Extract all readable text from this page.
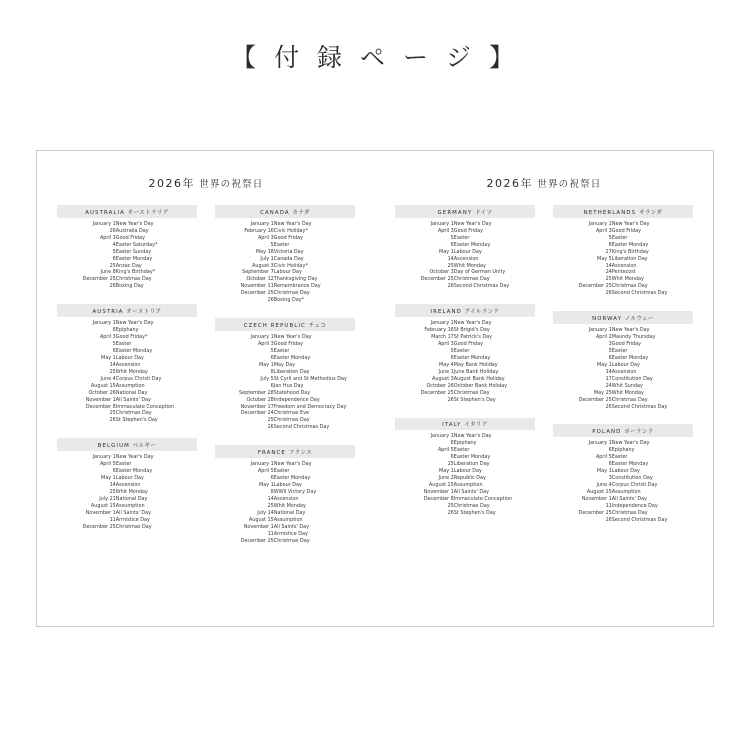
【 付 録 ペ ー ジ 】
2026年 世界の祝祭日
AUSTRALIA オーストラリア
January 1	New Year's Day
26	Australia Day
April 3	Good Friday
4	Easter Saturday*
5	Easter Sunday
6	Easter Monday
25	Anzac Day
June 8	King's Birthday*
December 25	Christmas Day
26	Boxing Day
AUSTRIA オーストリア
January 1	New Year's Day
6	Epiphany
April 3	Good Friday*
5	Easter
6	Easter Monday
May 1	Labour Day
14	Ascension
25	Whit Monday
June 4	Corpus Christi Day
August 15	Assumption
October 26	National Day
November 1	All Saints' Day
December 8	Immaculate Conception
25	Christmas Day
26	St Stephen's Day
BELGIUM ベルギー
January 1	New Year's Day
April 5	Easter
6	Easter Monday
May 1	Labour Day
14	Ascension
25	Whit Monday
July 21	National Day
August 15	Assumption
November 1	All Saints' Day
11	Armistice Day
December 25	Christmas Day
CANADA カナダ
January 1	New Year's Day
February 16	Civic Holiday*
April 3	Good Friday
5	Easter
May 18	Victoria Day
July 1	Canada Day
August 3	Civic Holiday*
September 7	Labour Day
October 12	Thanksgiving Day
November 11	Remembrance Day
December 25	Christmas Day
26	Boxing Day*
CZECH REPUBLIC チェコ
January 1	New Year's Day
April 3	Good Friday
5	Easter
6	Easter Monday
May 1	May Day
8	Liberation Day
July 5	St Cyril and St Methodius Day
6	Jan Hus Day
September 28	Statehood Day
October 28	Independence Day
November 17	Freedom and Democracy Day
December 24	Christmas Eve
25	Christmas Day
26	Second Christmas Day
FRANCE フランス
January 1	New Year's Day
April 5	Easter
6	Easter Monday
May 1	Labour Day
8	WWII Victory Day
14	Ascension
25	Whit Monday
July 14	National Day
August 15	Assumption
November 1	All Saints' Day
11	Armistice Day
December 25	Christmas Day
2026年 世界の祝祭日
GERMANY ドイツ
January 1	New Year's Day
April 3	Good Friday
5	Easter
6	Easter Monday
May 1	Labour Day
14	Ascension
25	Whit Monday
October 3	Day of German Unity
December 25	Christmas Day
26	Second Christmas Day
IRELAND アイルランド
January 1	New Year's Day
February 16	St Brigid's Day
March 17	St Patrick's Day
April 3	Good Friday
5	Easter
6	Easter Monday
May 4	May Bank Holiday
June 1	June Bank Holiday
August 3	August Bank Holiday
October 26	October Bank Holiday
December 25	Christmas Day
26	St Stephen's Day
ITALY イタリア
January 1	New Year's Day
6	Epiphany
April 5	Easter
6	Easter Monday
25	Liberation Day
May 1	Labour Day
June 2	Republic Day
August 15	Assumption
November 1	All Saints' Day
December 8	Immaculate Conception
25	Christmas Day
26	St Stephen's Day
NETHERLANDS オランダ
January 1	New Year's Day
April 3	Good Friday
5	Easter
6	Easter Monday
27	King's Birthday
May 5	Liberation Day
14	Ascension
24	Pentecost
25	Whit Monday
December 25	Christmas Day
26	Second Christmas Day
NORWAY ノルウェー
January 1	New Year's Day
April 2	Maundy Thursday
3	Good Friday
5	Easter
6	Easter Monday
May 1	Labour Day
14	Ascension
17	Constitution Day
24	Whit Sunday
May 25	Whit Monday
December 25	Christmas Day
26	Second Christmas Day
POLAND ポーランド
January 1	New Year's Day
6	Epiphany
April 5	Easter
6	Easter Monday
May 1	Labour Day
3	Constitution Day
June 4	Corpus Christi Day
August 15	Assumption
November 1	All Saints' Day
11	Independence Day
December 25	Christmas Day
26	Second Christmas Day
